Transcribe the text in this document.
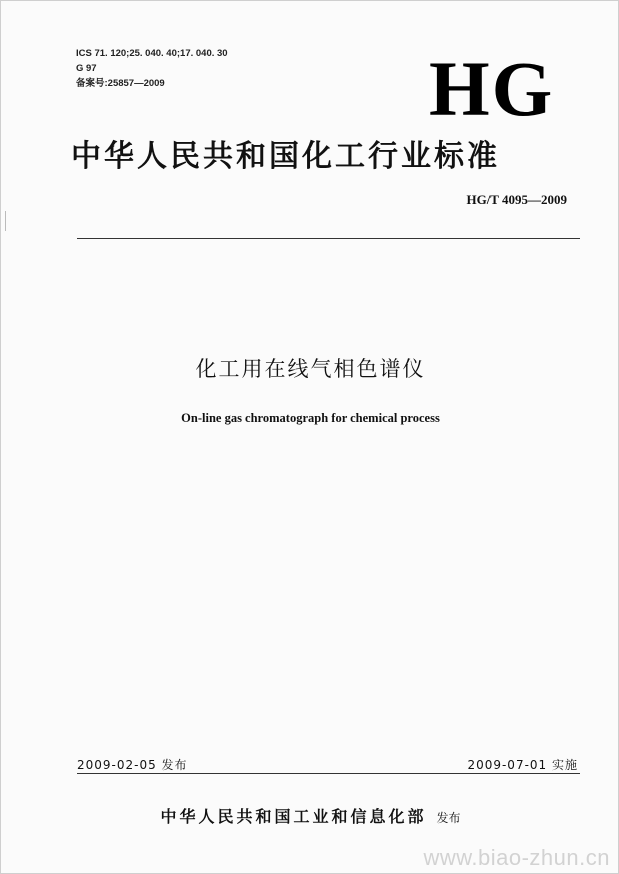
ICS 71. 120;25. 040. 40;17. 040. 30
G 97
备案号:25857—2009	HG
中华人民共和国化工行业标准
HG/T 4095—2009
化工用在线气相色谱仪
On-line gas chromatograph for chemical process
2009-02-05 发布	2009-07-01 实施
中华人民共和国工业和信息化部 发布
www.biao-zhun.cn
